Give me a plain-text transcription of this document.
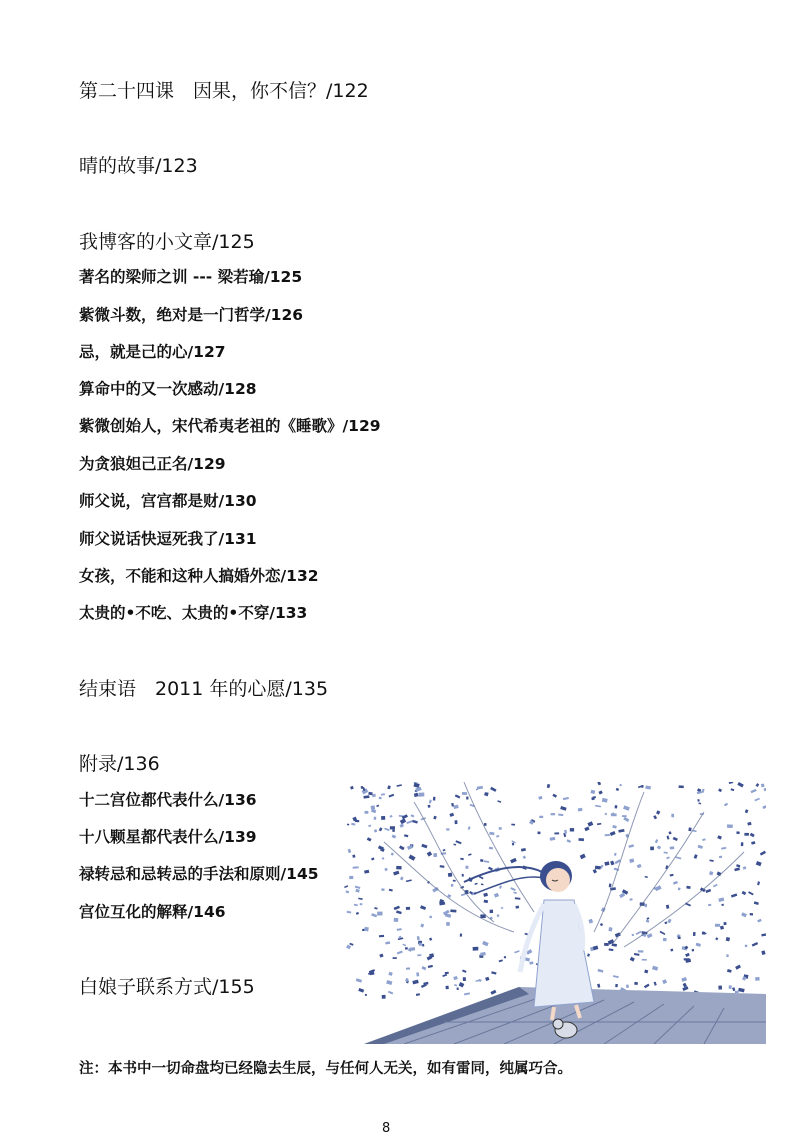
第二十四课　因果，你不信？/122
晴的故事/123
我博客的小文章/125
著名的梁师之训 --- 梁若瑜/125
紫微斗数，绝对是一门哲学/126
忌，就是己的心/127
算命中的又一次感动/128
紫微创始人，宋代希夷老祖的《睡歌》/129
为贪狼妲己正名/129
师父说，宫宫都是财/130
师父说话快逗死我了/131
女孩，不能和这种人搞婚外恋/132
太贵的•不吃、太贵的•不穿/133
结束语　2011 年的心愿/135
附录/136
十二宫位都代表什么/136
十八颗星都代表什么/139
禄转忌和忌转忌的手法和原则/145
宫位互化的解释/146
白娘子联系方式/155
注：本书中一切命盘均已经隐去生辰，与任何人无关，如有雷同，纯属巧合。
8
